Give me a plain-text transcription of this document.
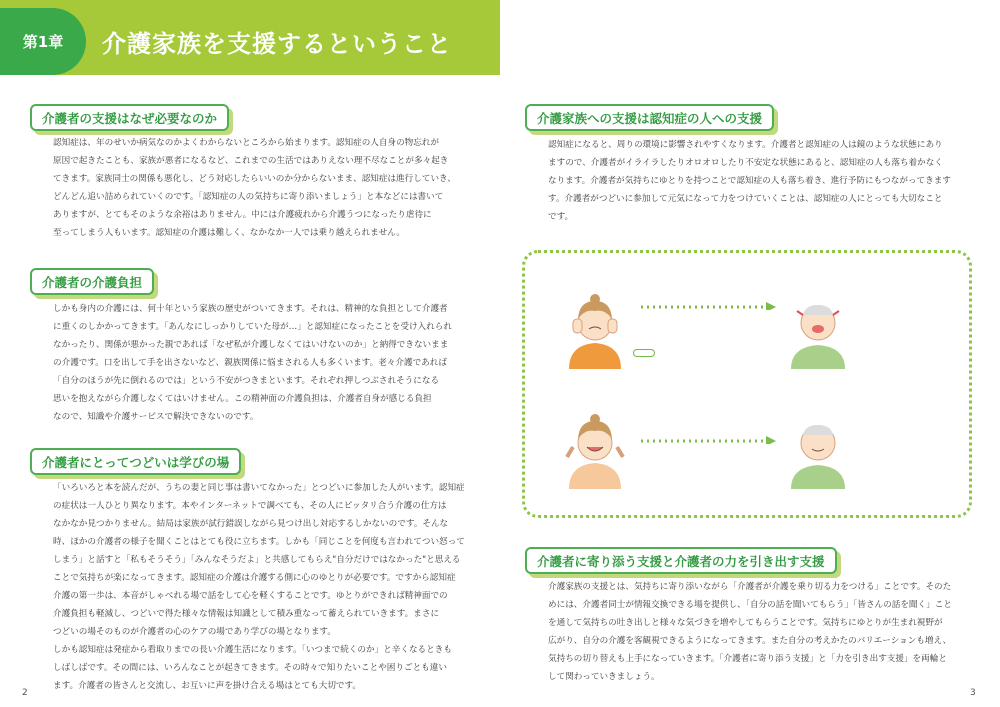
第1章 介護家族を支援するということ
介護者の支援はなぜ必要なのか

認知症は、年のせいか病気なのかよくわからないところから始まります。認知症の人自身の物忘れが

原因で起きたことも、家族が悪者になるなど、これまでの生活ではありえない理不尽なことが多々起き

てきます。家族同士の関係も悪化し、どう対応したらいいのか分からないまま、認知症は進行していき、

どんどん追い詰められていくのです。「認知症の人の気持ちに寄り添いましょう」と本などには書いて

ありますが、とてもそのような余裕はありません。中には介護疲れから介護うつになったり虐待に

至ってしまう人もいます。認知症の介護は難しく、なかなか一人では乗り越えられません。

介護者の介護負担

しかも身内の介護には、何十年という家族の歴史がついてきます。それは、精神的な負担として介護者

に重くのしかかってきます。「あんなにしっかりしていた母が…」と認知症になったことを受け入れられ

なかったり、関係が悪かった親であれば「なぜ私が介護しなくてはいけないのか」と納得できないまま

の介護です。口を出して手を出さないなど、親族関係に悩まされる人も多くいます。老々介護であれば

「自分のほうが先に倒れるのでは」という不安がつきまといます。それぞれ押しつぶされそうになる

思いを抱えながら介護しなくてはいけません。この精神面の介護負担は、介護者自身が感じる負担

なので、知識や介護サービスで解決できないのです。

介護者にとってつどいは学びの場

「いろいろと本を読んだが、うちの妻と同じ事は書いてなかった」とつどいに参加した人がいます。認知症

の症状は一人ひとり異なります。本やインターネットで調べても、その人にピッタリ合う介護の仕方は

なかなか見つかりません。結局は家族が試行錯誤しながら見つけ出し対応するしかないのです。そんな

時、ほかの介護者の様子を聞くことはとても役に立ちます。しかも「同じことを何度も言われてつい怒って

しまう」と話すと「私もそうそう」「みんなそうだよ」と共感してもらえ"自分だけではなかった"と思える

ことで気持ちが楽になってきます。認知症の介護は介護する側に心のゆとりが必要です。ですから認知症

介護の第一歩は、本音がしゃべれる場で話をして心を軽くすることです。ゆとりができれば精神面での

介護負担も軽減し、つどいで得た様々な情報は知識として積み重なって蓄えられていきます。まさに

つどいの場そのものが介護者の心のケアの場であり学びの場となります。

しかも認知症は発症から看取りまでの長い介護生活になります。「いつまで続くのか」と辛くなるときも

しばしばです。その間には、いろんなことが起きてきます。その時々で知りたいことや困りごとも違い

ます。介護者の皆さんと交流し、お互いに声を掛け合える場はとても大切です。

2
介護家族への支援は認知症の人への支援

認知症になると、周りの環境に影響されやすくなります。介護者と認知症の人は鏡のような状態にあり

ますので、介護者がイライラしたりオロオロしたり不安定な状態にあると、認知症の人も落ち着かなく

なります。介護者が気持ちにゆとりを持つことで認知症の人も落ち着き、進行予防にもつながってきます

す。介護者がつどいに参加して元気になって力をつけていくことは、認知症の人にとっても大切なこと

です。

介護者に寄り添う支援と介護者の力を引き出す支援

介護家族の支援とは、気持ちに寄り添いながら「介護者が介護を乗り切る力をつける」ことです。そのた

めには、介護者同士が情報交換できる場を提供し、「自分の話を聞いてもらう」「皆さんの話を聞く」こと

を通して気持ちの吐き出しと様々な気づきを増やしてもらうことです。気持ちにゆとりが生まれ視野が

広がり、自分の介護を客観視できるようになってきます。また自分の考えかたのバリエーションも増え、

気持ちの切り替えも上手になっていきます。「介護者に寄り添う支援」と「力を引き出す支援」を両輪と

して関わっていきましょう。

3
